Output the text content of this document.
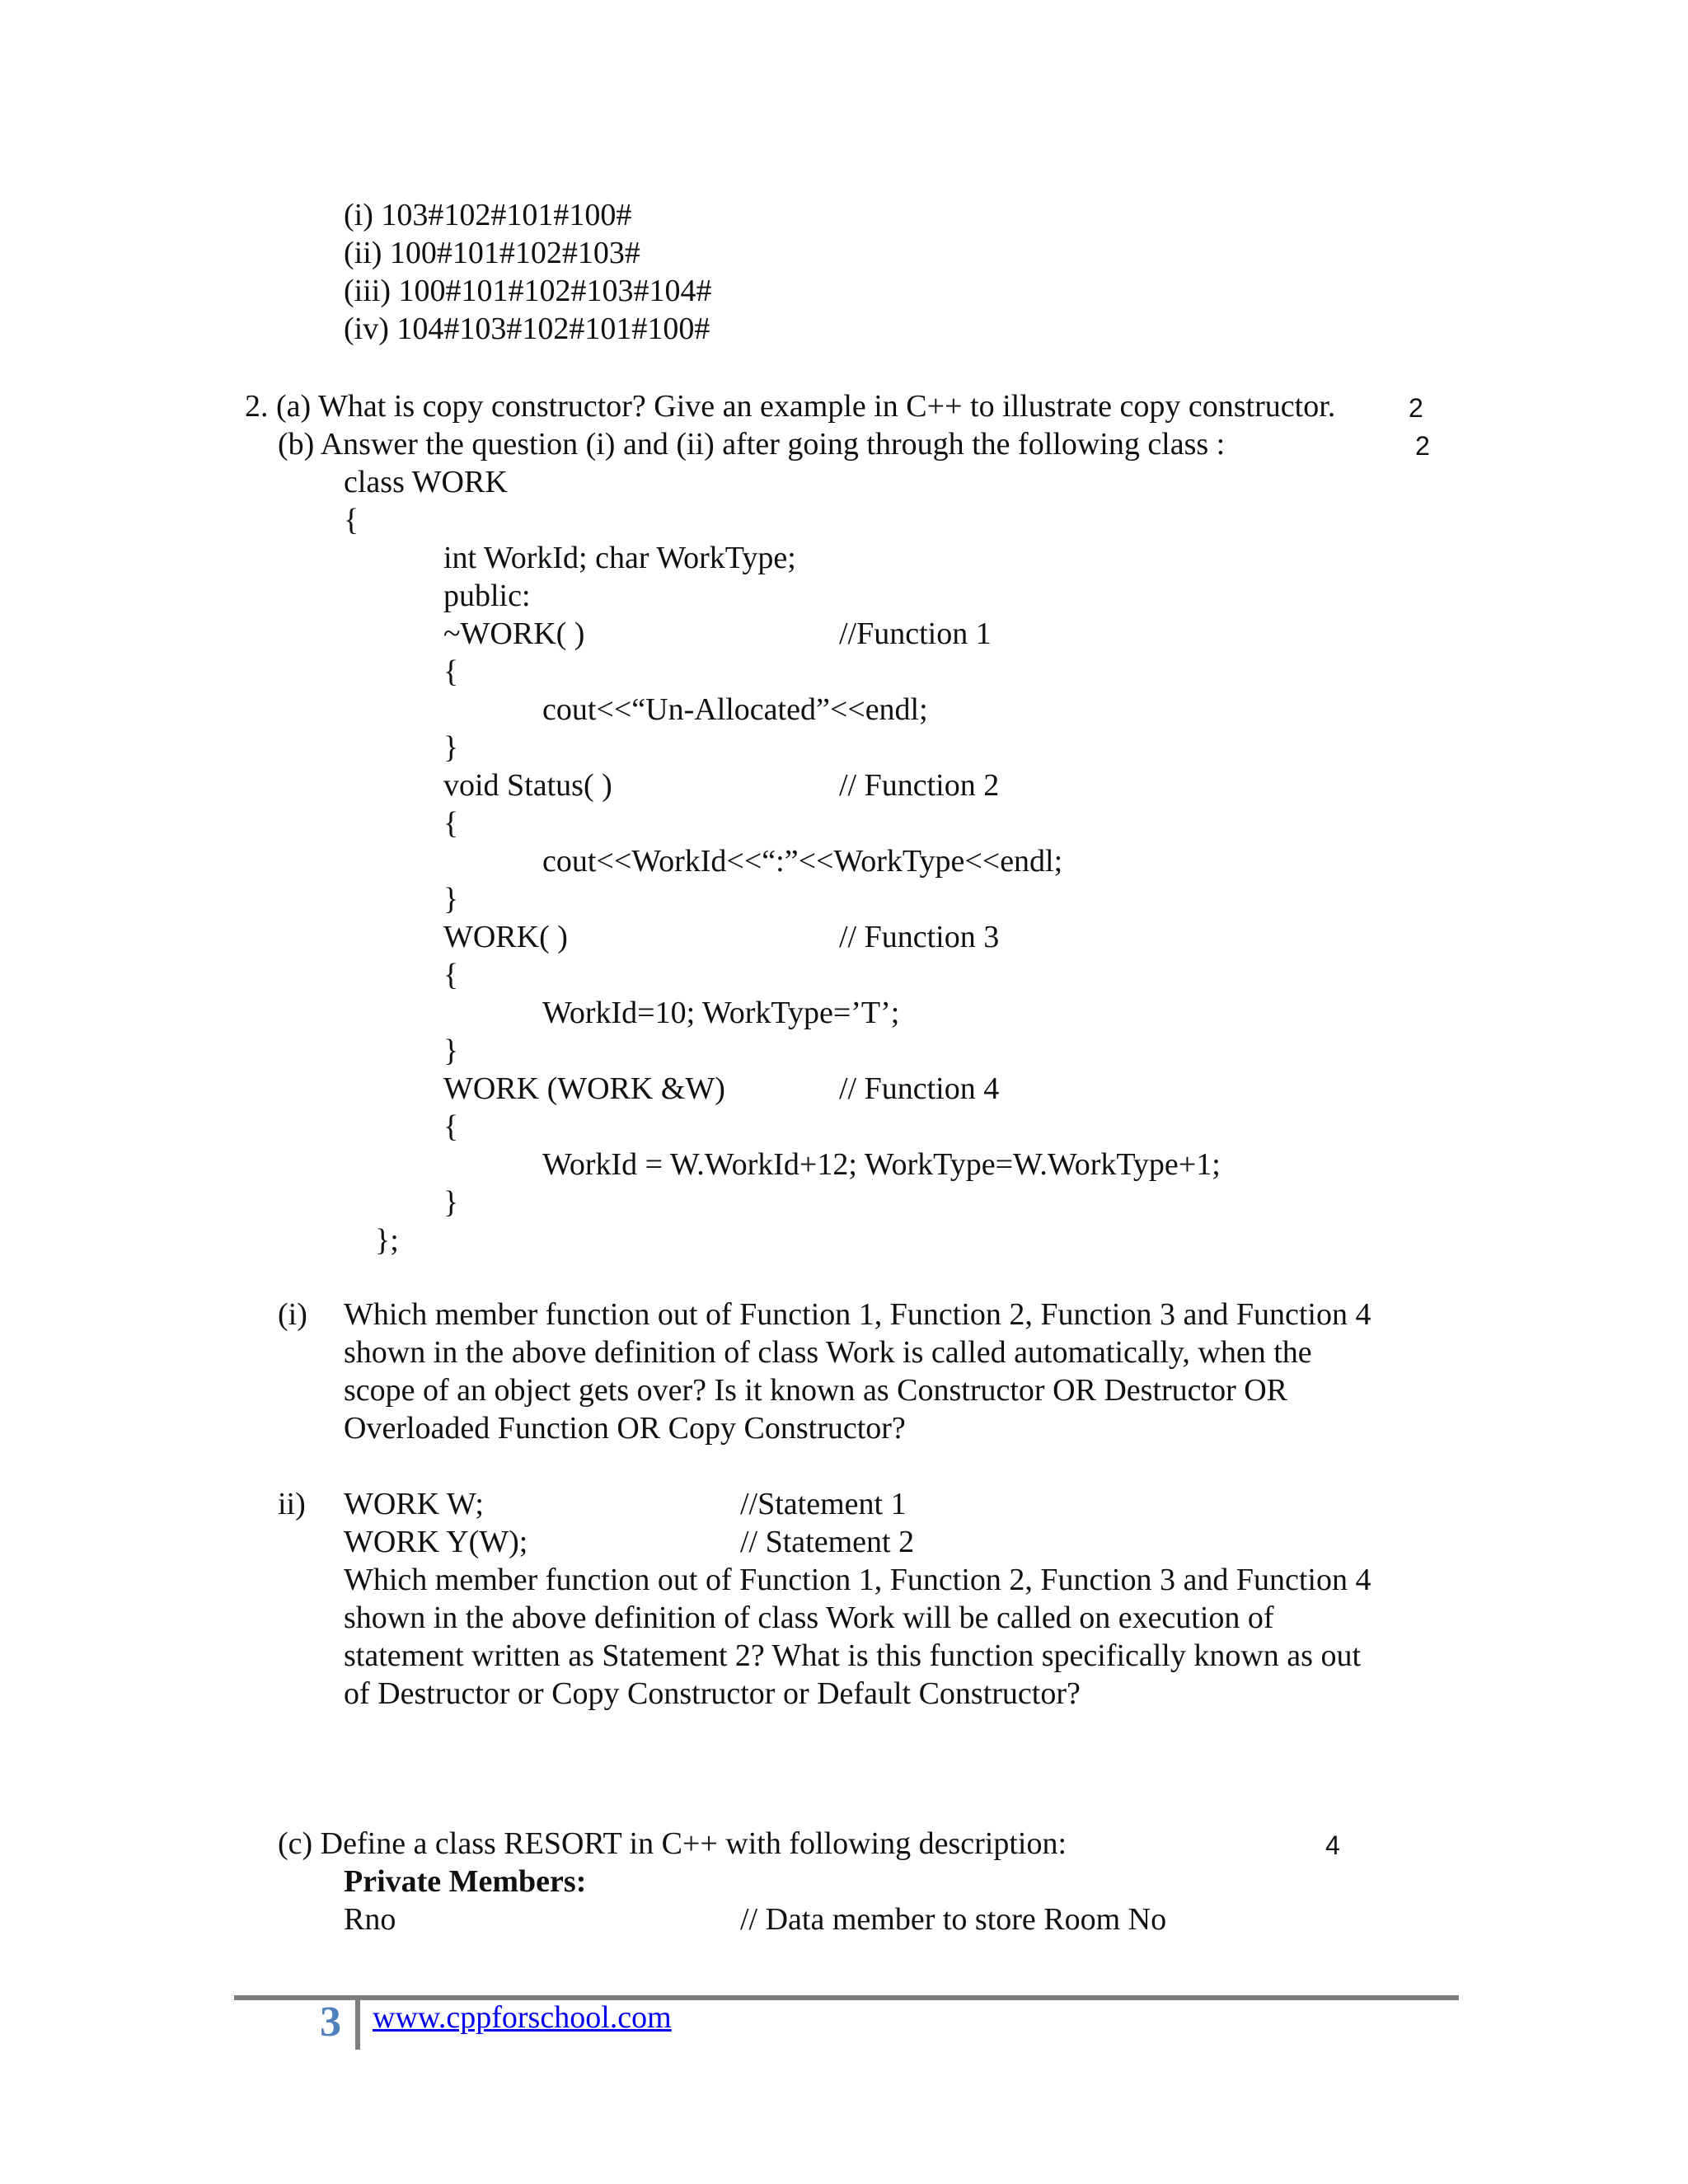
(i) 103#102#101#100#
(ii) 100#101#102#103#
(iii) 100#101#102#103#104#
(iv) 104#103#102#101#100#
2. (a) What is copy constructor? Give an example in C++ to illustrate copy constructor.	2
(b) Answer the question (i) and (ii) after going through the following class :	2
class WORK
{
int WorkId; char WorkType;
public:
~WORK( )	//Function 1
{
cout<<“Un-Allocated”<<endl;
}
void Status( )	// Function 2
{
cout<<WorkId<<“:”<<WorkType<<endl;
}
WORK( )	// Function 3
{
WorkId=10; WorkType=’T’;
}
WORK (WORK &W)	// Function 4
{
WorkId = W.WorkId+12; WorkType=W.WorkType+1;
}
};
(i) Which member function out of Function 1, Function 2, Function 3 and Function 4
shown in the above definition of class Work is called automatically, when the
scope of an object gets over? Is it known as Constructor OR Destructor OR
Overloaded Function OR Copy Constructor?
ii) WORK W;	//Statement 1
WORK Y(W);	// Statement 2
Which member function out of Function 1, Function 2, Function 3 and Function 4
shown in the above definition of class Work will be called on execution of
statement written as Statement 2? What is this function specifically known as out
of Destructor or Copy Constructor or Default Constructor?
(c) Define a class RESORT in C++ with following description:	4
Private Members:
Rno	// Data member to store Room No
3 www.cppforschool.com
